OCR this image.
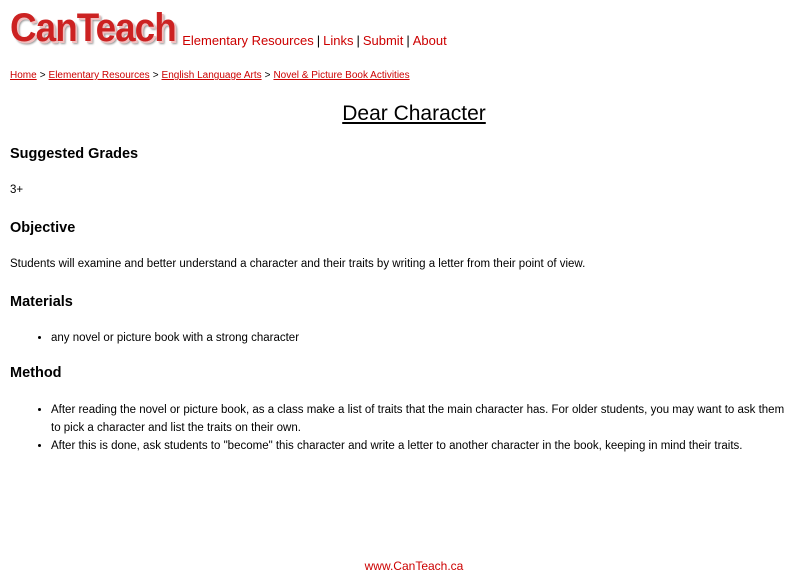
CanTeach Elementary Resources | Links | Submit | About
Home > Elementary Resources > English Language Arts > Novel & Picture Book Activities
Dear Character
Suggested Grades

3+

Objective

Students will examine and better understand a character and their traits by writing a letter from their point of view.

Materials
• any novel or picture book with a strong character
Method
• After reading the novel or picture book, as a class make a list of traits that the main character has. For older students, you may want to ask them to pick a character and list the traits on their own.
• After this is done, ask students to "become" this character and write a letter to another character in the book, keeping in mind their traits.
www.CanTeach.ca
